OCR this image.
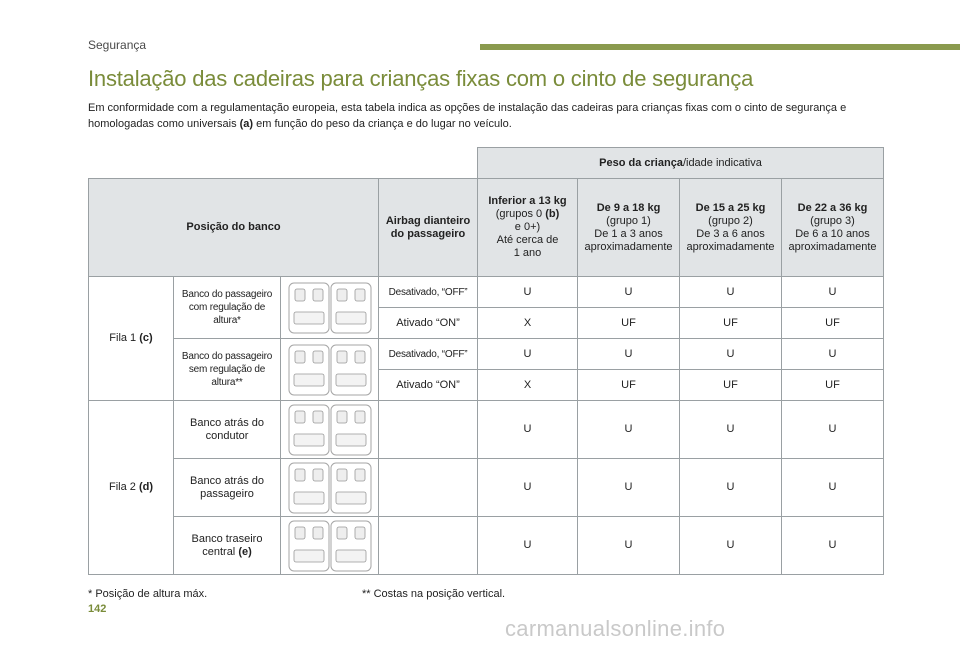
Segurança
Instalação das cadeiras para crianças fixas com o cinto de segurança
Em conformidade com a regulamentação europeia, esta tabela indica as opções de instalação das cadeiras para crianças fixas com o cinto de segurança e homologadas como universais (a) em função do peso da criança e do lugar no veículo.
				Peso da criança/idade indicativa			
Posição do banco			Airbag dianteiro do passageiro	Inferior a 13 kg
(grupos 0 (b)
e 0+)
Até cerca de
1 ano	De 9 a 18 kg
(grupo 1)
De 1 a 3 anos
aproximadamente	De 15 a 25 kg
(grupo 2)
De 3 a 6 anos
aproximadamente	De 22 a 36 kg
(grupo 3)
De 6 a 10 anos
aproximadamente
Fila 1 (c)	Banco do passageiro com regulação de altura*		Desativado, “OFF”	U	U	U	U
			Ativado “ON”	X	UF	UF	UF
	Banco do passageiro sem regulação de altura**		Desativado, “OFF”	U	U	U	U
			Ativado “ON”	X	UF	UF	UF
Fila 2 (d)	Banco atrás do condutor			U	U	U	U
	Banco atrás do passageiro			U	U	U	U
	Banco traseiro central (e)			U	U	U	U
* Posição de altura máx.	** Costas na posição vertical.
142
carmanualsonline.info
